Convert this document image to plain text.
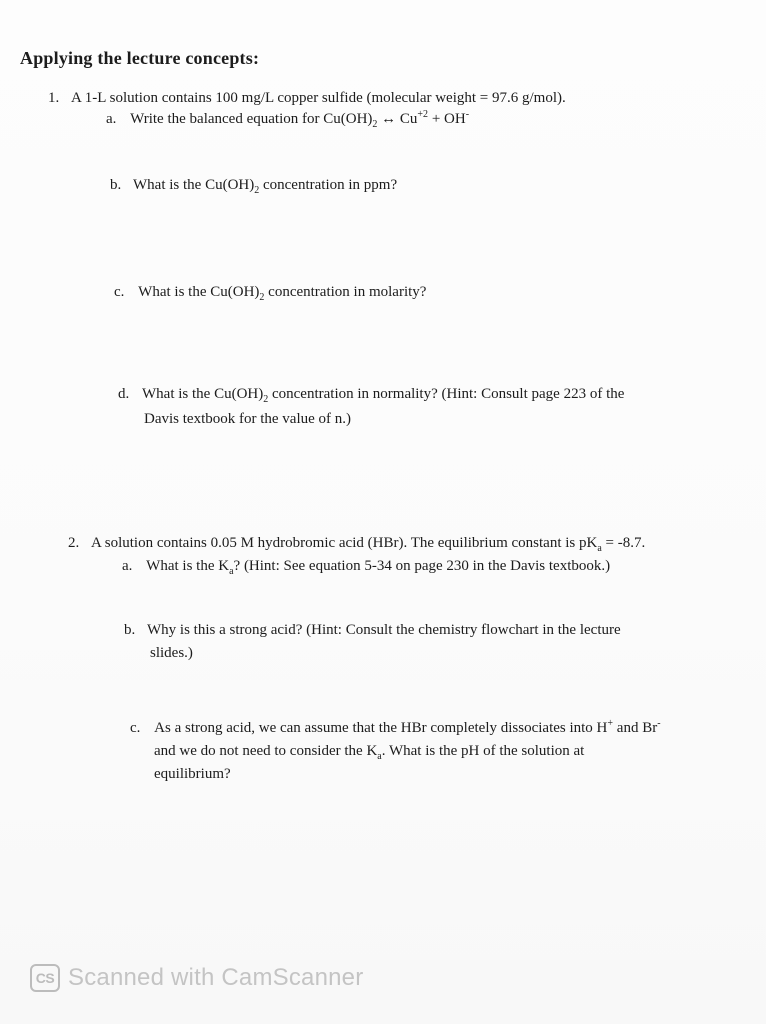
Applying the lecture concepts:
1. A 1-L solution contains 100 mg/L copper sulfide (molecular weight = 97.6 g/mol).
a. Write the balanced equation for $Cu(OH)_2$ ↔ $Cu^{+2} + OH^-$
b. What is the $Cu(OH)_2$ concentration in ppm?
c. What is the $Cu(OH)_2$ concentration in molarity?
d. What is the $Cu(OH)_2$ concentration in normality? (Hint: Consult page 223 of the
Davis textbook for the value of n.)
2. A solution contains 0.05 M hydrobromic acid (HBr). The equilibrium constant is $pK_a = -8.7$.
a. What is the $K_a$? (Hint: See equation 5-34 on page 230 in the Davis textbook.)
b. Why is this a strong acid? (Hint: Consult the chemistry flowchart in the lecture
slides.)
c. As a strong acid, we can assume that the HBr completely dissociates into H+ and Br-
and we do not need to consider the $K_a$. What is the pH of the solution at
equilibrium?
CS Scanned with CamScanner
